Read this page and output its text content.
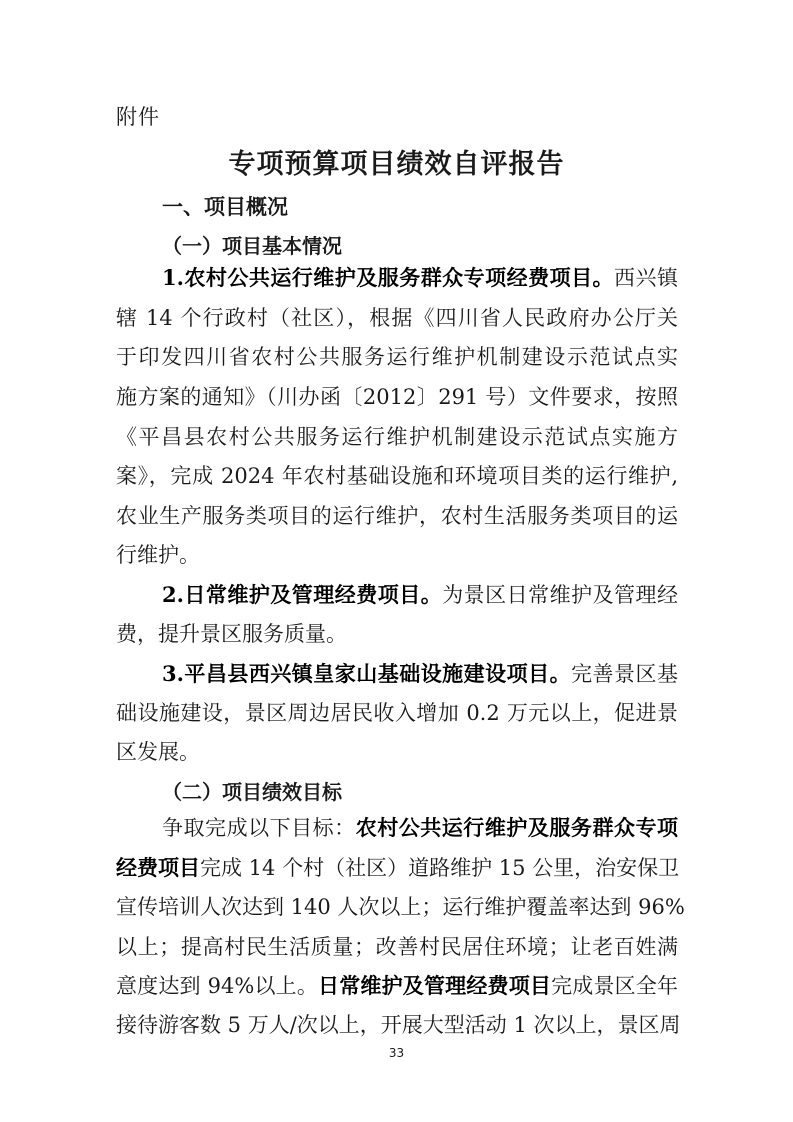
附件
专项预算项目绩效自评报告
一、项目概况
（一）项目基本情况
1.农村公共运行维护及服务群众专项经费项目。西兴镇
辖 14 个行政村（社区），根据《四川省人民政府办公厅关
于印发四川省农村公共服务运行维护机制建设示范试点实
施方案的通知》（川办函〔2012〕291 号）文件要求，按照
《平昌县农村公共服务运行维护机制建设示范试点实施方
案》，完成 2024 年农村基础设施和环境项目类的运行维护,
农业生产服务类项目的运行维护，农村生活服务类项目的运
行维护。
2.日常维护及管理经费项目。为景区日常维护及管理经
费，提升景区服务质量。
3.平昌县西兴镇皇家山基础设施建设项目。完善景区基
础设施建设，景区周边居民收入增加 0.2 万元以上，促进景
区发展。
（二）项目绩效目标
争取完成以下目标：农村公共运行维护及服务群众专项
经费项目完成 14 个村（社区）道路维护 15 公里，治安保卫
宣传培训人次达到 140 人次以上；运行维护覆盖率达到 96%
以上；提高村民生活质量；改善村民居住环境；让老百姓满
意度达到 94%以上。日常维护及管理经费项目完成景区全年
接待游客数 5 万人/次以上，开展大型活动 1 次以上，景区周
33
